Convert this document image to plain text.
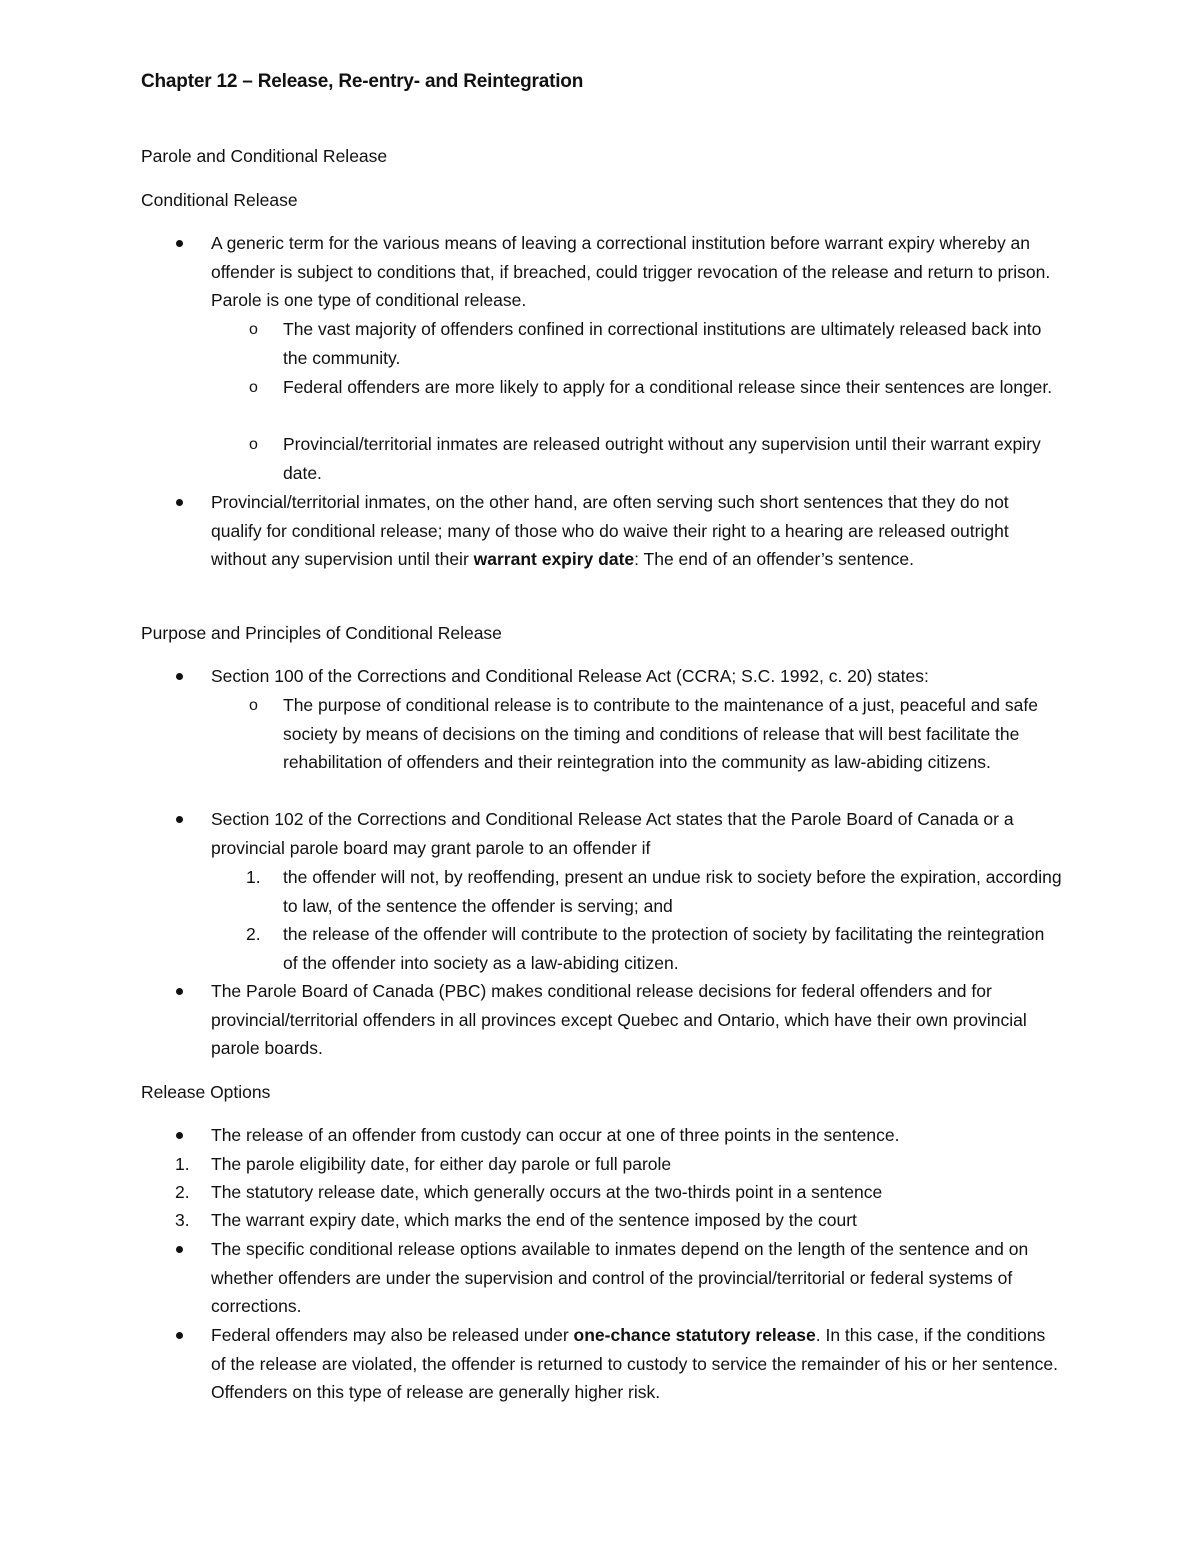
Chapter 12 – Release, Re-entry- and Reintegration
Parole and Conditional Release
Conditional Release
A generic term for the various means of leaving a correctional institution before warrant expiry whereby an offender is subject to conditions that, if breached, could trigger revocation of the release and return to prison. Parole is one type of conditional release.
o The vast majority of offenders confined in correctional institutions are ultimately released back into the community.
o Federal offenders are more likely to apply for a conditional release since their sentences are longer.
o Provincial/territorial inmates are released outright without any supervision until their warrant expiry date.
Provincial/territorial inmates, on the other hand, are often serving such short sentences that they do not qualify for conditional release; many of those who do waive their right to a hearing are released outright without any supervision until their warrant expiry date: The end of an offender’s sentence.
Purpose and Principles of Conditional Release
Section 100 of the Corrections and Conditional Release Act (CCRA; S.C. 1992, c. 20) states:
o The purpose of conditional release is to contribute to the maintenance of a just, peaceful and safe society by means of decisions on the timing and conditions of release that will best facilitate the rehabilitation of offenders and their reintegration into the community as law-abiding citizens.
Section 102 of the Corrections and Conditional Release Act states that the Parole Board of Canada or a provincial parole board may grant parole to an offender if
1. the offender will not, by reoffending, present an undue risk to society before the expiration, according to law, of the sentence the offender is serving; and
2. the release of the offender will contribute to the protection of society by facilitating the reintegration of the offender into society as a law-abiding citizen.
The Parole Board of Canada (PBC) makes conditional release decisions for federal offenders and for provincial/territorial offenders in all provinces except Quebec and Ontario, which have their own provincial parole boards.
Release Options
The release of an offender from custody can occur at one of three points in the sentence.
1. The parole eligibility date, for either day parole or full parole
2. The statutory release date, which generally occurs at the two-thirds point in a sentence
3. The warrant expiry date, which marks the end of the sentence imposed by the court
The specific conditional release options available to inmates depend on the length of the sentence and on whether offenders are under the supervision and control of the provincial/territorial or federal systems of corrections.
Federal offenders may also be released under one-chance statutory release. In this case, if the conditions of the release are violated, the offender is returned to custody to service the remainder of his or her sentence. Offenders on this type of release are generally higher risk.
